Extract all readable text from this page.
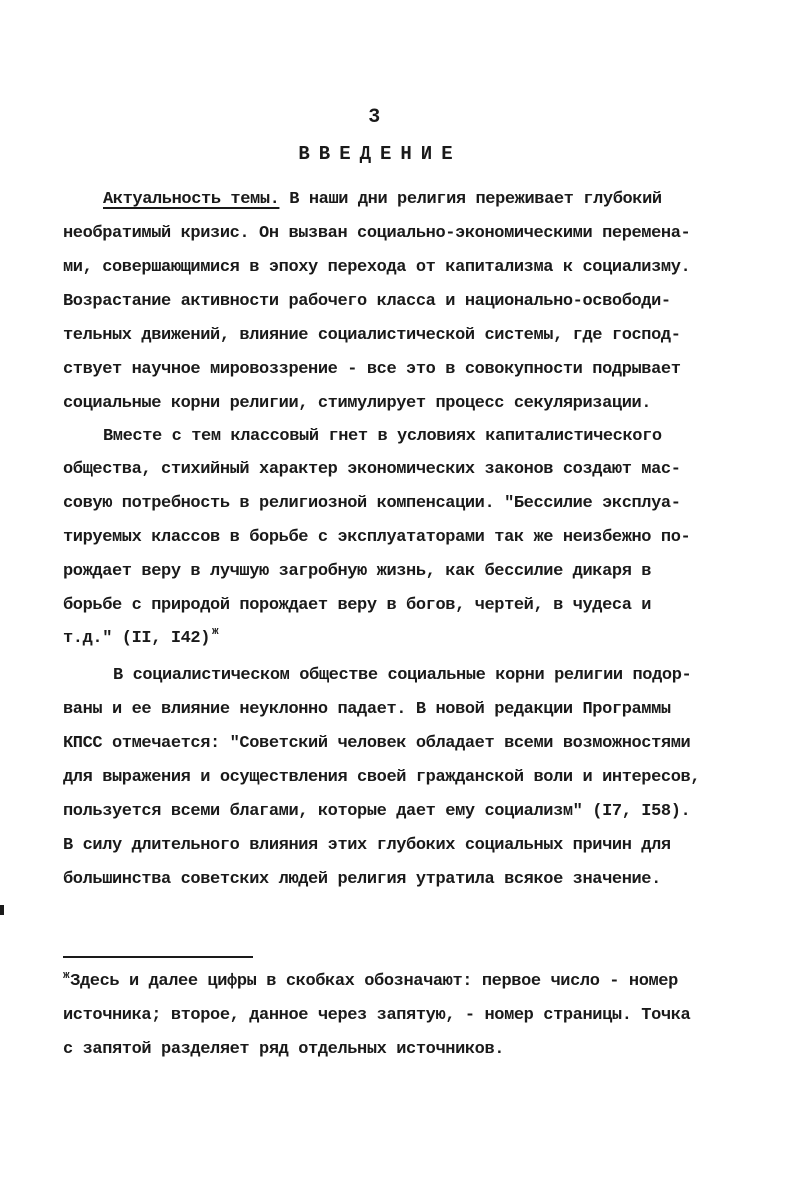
3
ВВЕДЕНИЕ
Актуальность темы. В наши дни религия переживает глубокий
необратимый кризис. Он вызван социально-экономическими перемена-
ми, совершающимися в эпоху перехода от капитализма к социализму.
Возрастание активности рабочего класса и национально-освободи-
тельных движений, влияние социалистической системы, где господ-
ствует научное мировоззрение - все это в совокупности подрывает
социальные корни религии, стимулирует процесс секуляризации.
Вместе с тем классовый гнет в условиях капиталистического
общества, стихийный характер экономических законов создают мас-
совую потребность в религиозной компенсации. "Бессилие эксплуа-
тируемых классов в борьбе с эксплуататорами так же неизбежно по-
рождает веру в лучшую загробную жизнь, как бессилие дикаря в
борьбе с природой порождает веру в богов, чертей, в чудеса и
т.д." (II, I42) $^ж$
В социалистическом обществе социальные корни религии подор-
ваны и ее влияние неуклонно падает. В новой редакции Программы
КПСС отмечается: "Советский человек обладает всеми возможностями
для выражения и осуществления своей гражданской воли и интересов,
пользуется всеми благами, которые дает ему социализм" (I7, I58).
В силу длительного влияния этих глубоких социальных причин для
большинства советских людей религия утратила всякое значение.
$^ж$Здесь и далее цифры в скобках обозначают: первое число - номер
источника; второе, данное через запятую, - номер страницы. Точка
с запятой разделяет ряд отдельных источников.
